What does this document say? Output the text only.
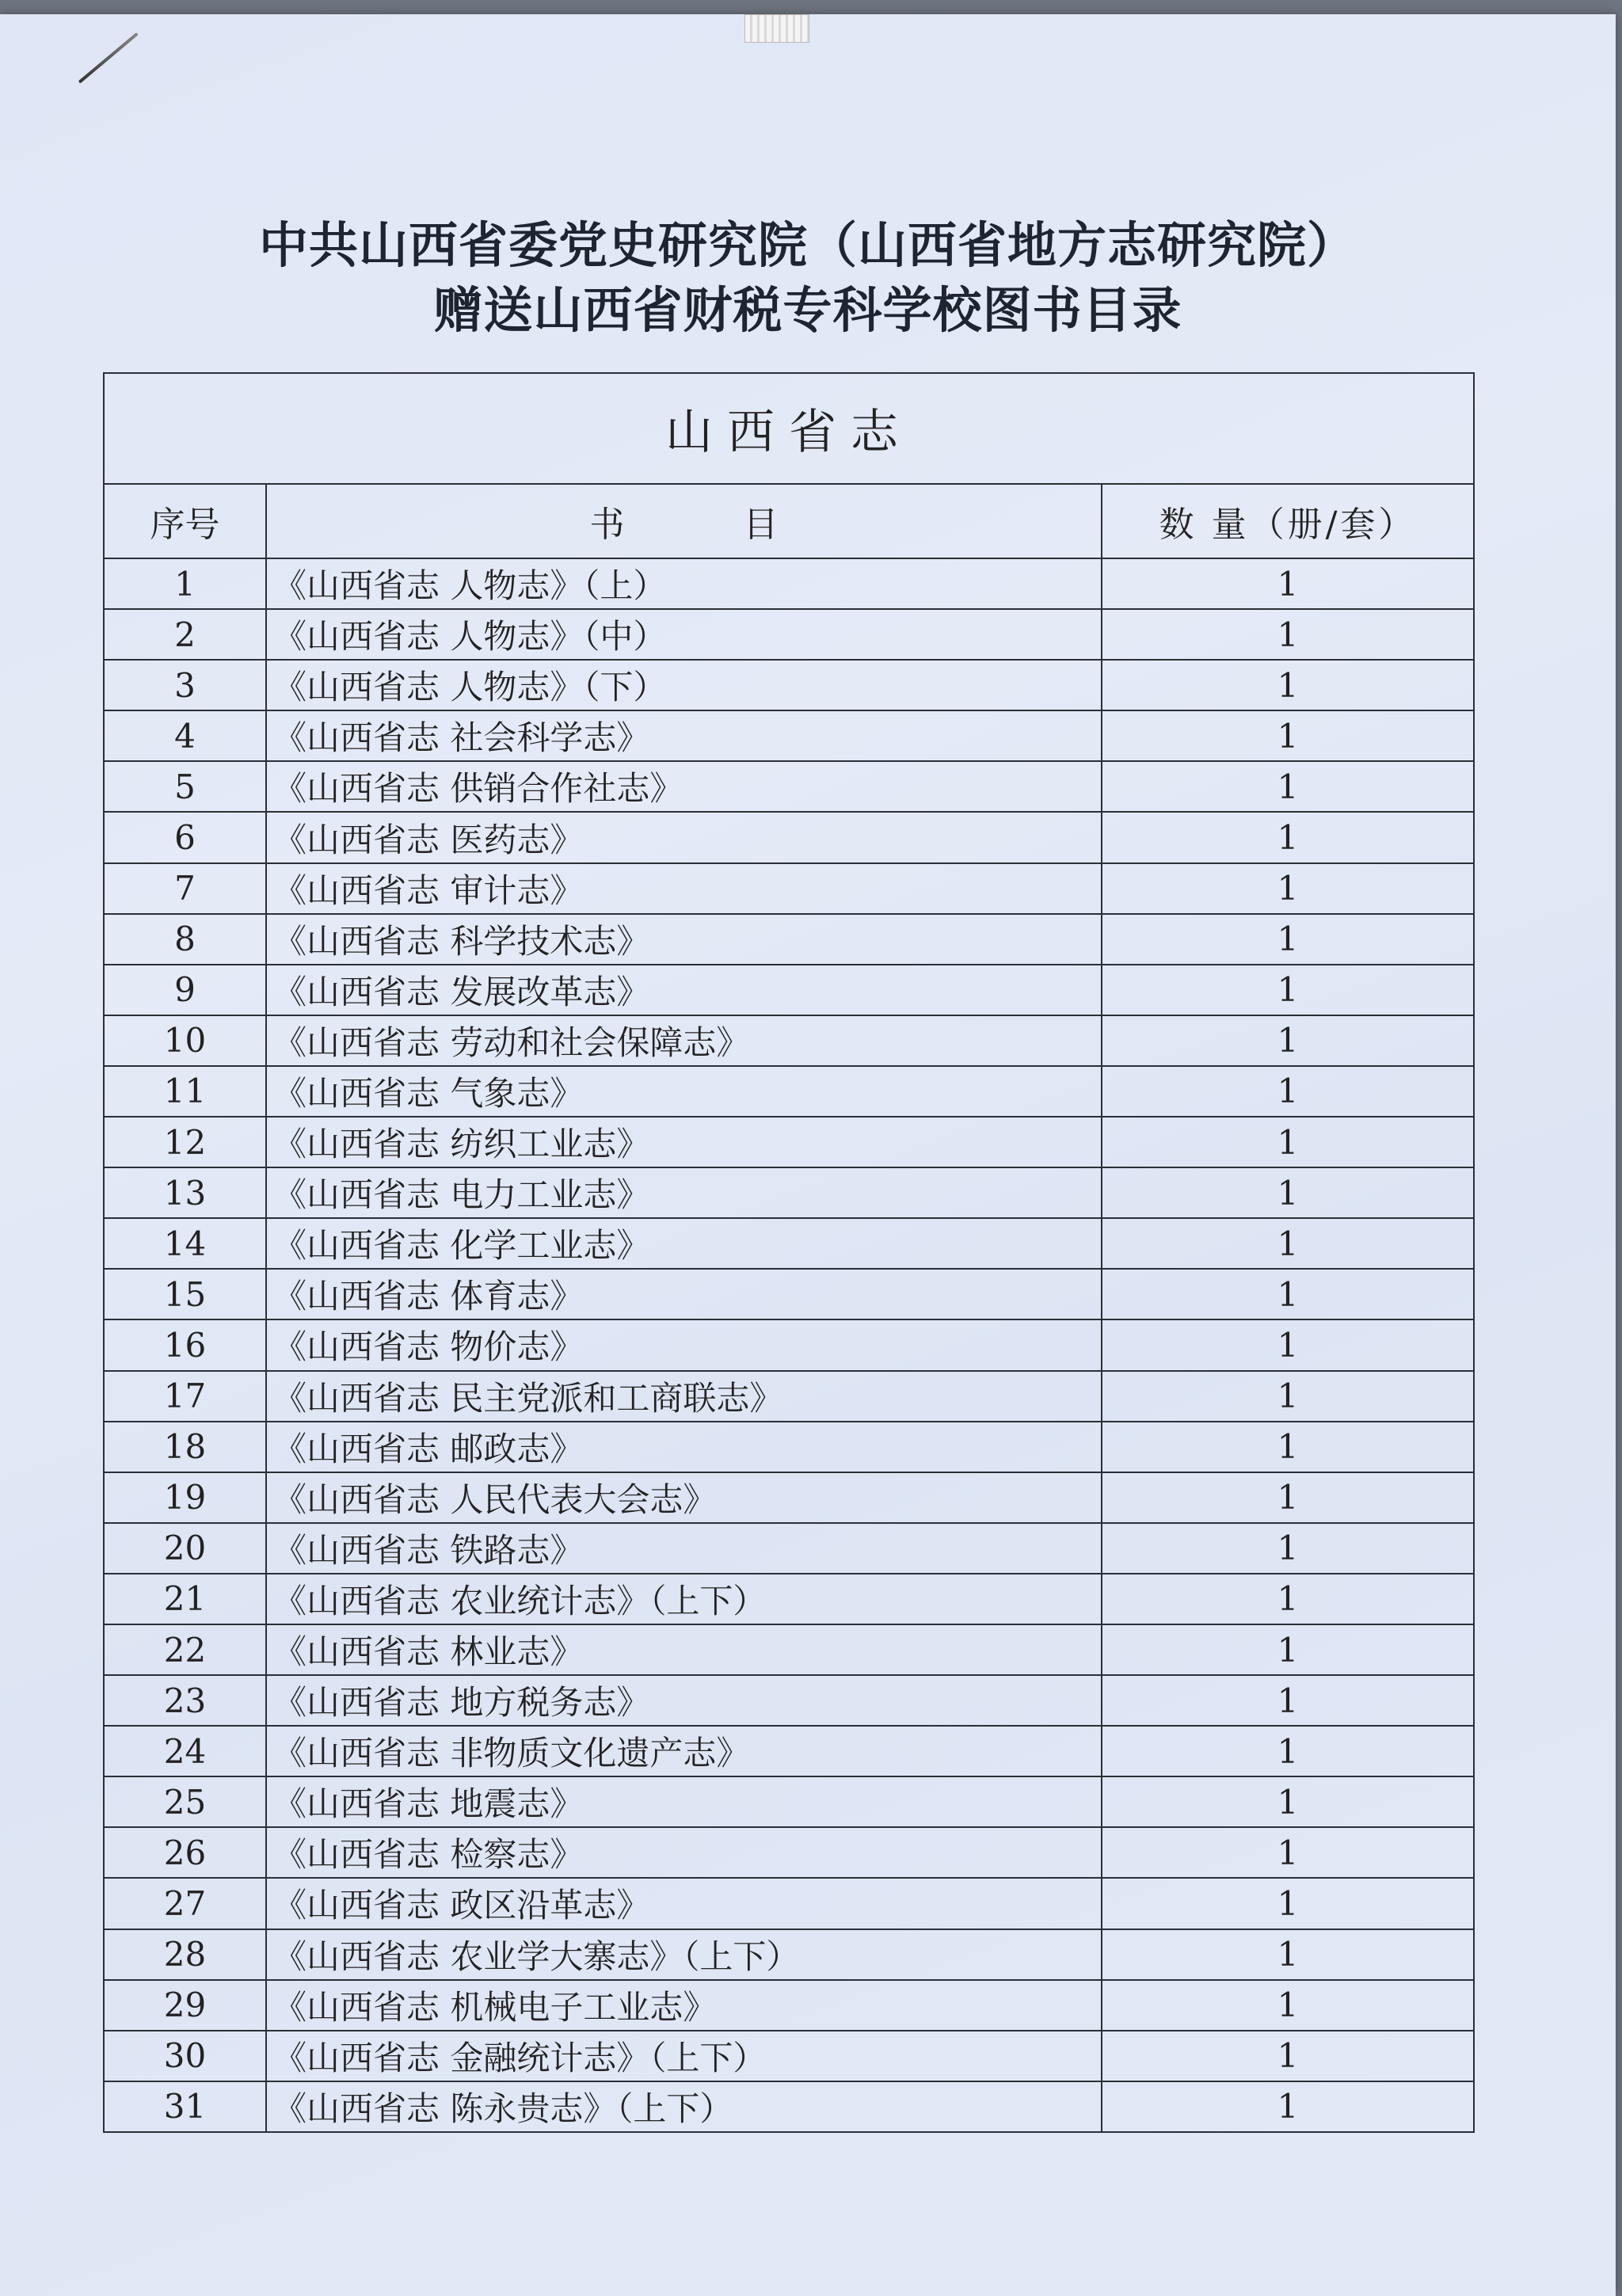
中共山西省委党史研究院（山西省地方志研究院）
赠送山西省财税专科学校图书目录
山西省志		
序号	书目	数 量（册/套）
1	《山西省志 人物志》（上）	1
2	《山西省志 人物志》（中）	1
3	《山西省志 人物志》（下）	1
4	《山西省志 社会科学志》	1
5	《山西省志 供销合作社志》	1
6	《山西省志 医药志》	1
7	《山西省志 审计志》	1
8	《山西省志 科学技术志》	1
9	《山西省志 发展改革志》	1
10	《山西省志 劳动和社会保障志》	1
11	《山西省志 气象志》	1
12	《山西省志 纺织工业志》	1
13	《山西省志 电力工业志》	1
14	《山西省志 化学工业志》	1
15	《山西省志 体育志》	1
16	《山西省志 物价志》	1
17	《山西省志 民主党派和工商联志》	1
18	《山西省志 邮政志》	1
19	《山西省志 人民代表大会志》	1
20	《山西省志 铁路志》	1
21	《山西省志 农业统计志》（上下）	1
22	《山西省志 林业志》	1
23	《山西省志 地方税务志》	1
24	《山西省志 非物质文化遗产志》	1
25	《山西省志 地震志》	1
26	《山西省志 检察志》	1
27	《山西省志 政区沿革志》	1
28	《山西省志 农业学大寨志》（上下）	1
29	《山西省志 机械电子工业志》	1
30	《山西省志 金融统计志》（上下）	1
31	《山西省志 陈永贵志》（上下）	1
